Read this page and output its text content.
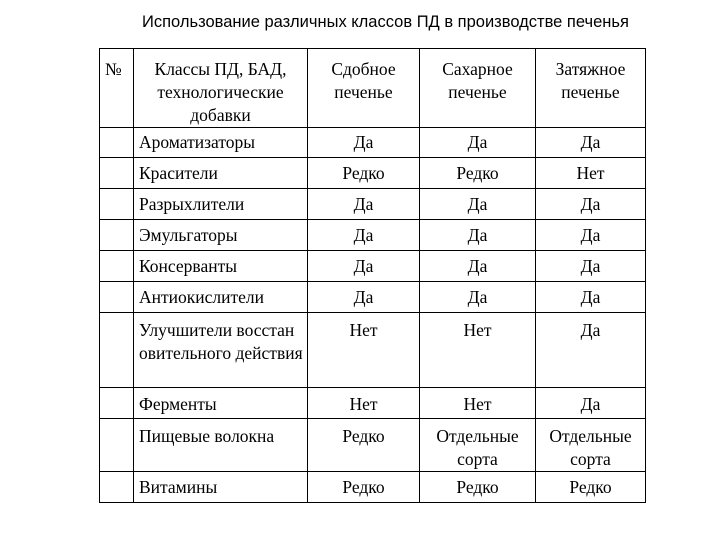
Использование различных классов ПД в производстве печенья
№	Классы ПД, БАД, технологические добавки	Сдобное печенье	Сахарное печенье	Затяжное печенье
	Ароматизаторы	Да	Да	Да
	Красители	Редко	Редко	Нет
	Разрыхлители	Да	Да	Да
	Эмульгаторы	Да	Да	Да
	Консерванты	Да	Да	Да
	Антиокислители	Да	Да	Да
	Улучшители восстановительного действия	Нет	Нет	Да
	Ферменты	Нет	Нет	Да
	Пищевые волокна	Редко	Отдельные сорта	Отдельные сорта
	Витамины	Редко	Редко	Редко
